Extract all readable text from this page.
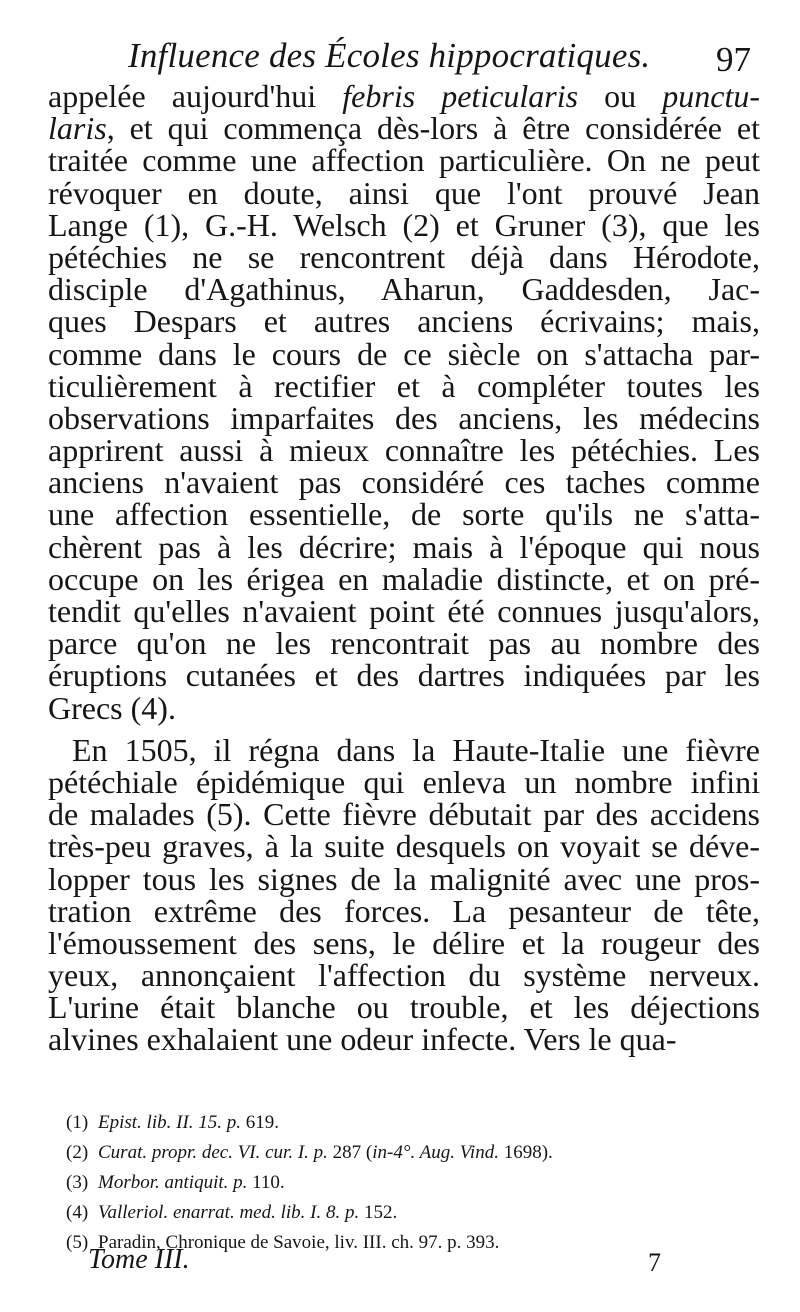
Influence des Écoles hippocratiques. 97
appelée aujourd'hui febris peticularis ou punctu-
laris, et qui commença dès-lors à être considérée et
traitée comme une affection particulière. On ne peut
révoquer en doute, ainsi que l'ont prouvé Jean
Lange (1), G.-H. Welsch (2) et Gruner (3), que les
pétéchies ne se rencontrent déjà dans Hérodote,
disciple d'Agathinus, Aharun, Gaddesden, Jac-
ques Despars et autres anciens écrivains; mais,
comme dans le cours de ce siècle on s'attacha par-
ticulièrement à rectifier et à compléter toutes les
observations imparfaites des anciens, les médecins
apprirent aussi à mieux connaître les pétéchies. Les
anciens n'avaient pas considéré ces taches comme
une affection essentielle, de sorte qu'ils ne s'atta-
chèrent pas à les décrire; mais à l'époque qui nous
occupe on les érigea en maladie distincte, et on pré-
tendit qu'elles n'avaient point été connues jusqu'alors,
parce qu'on ne les rencontrait pas au nombre des
éruptions cutanées et des dartres indiquées par les
Grecs (4).
En 1505, il régna dans la Haute-Italie une fièvre
pétéchiale épidémique qui enleva un nombre infini
de malades (5). Cette fièvre débutait par des accidens
très-peu graves, à la suite desquels on voyait se déve-
lopper tous les signes de la malignité avec une pros-
tration extrême des forces. La pesanteur de tête,
l'émoussement des sens, le délire et la rougeur des
yeux, annonçaient l'affection du système nerveux.
L'urine était blanche ou trouble, et les déjections
alvines exhalaient une odeur infecte. Vers le qua-
(1) Epist. lib. II. 15. p. 619.
(2) Curat. propr. dec. VI. cur. I. p. 287 (in-4°. Aug. Vind. 1698).
(3) Morbor. antiquit. p. 110.
(4) Valleriol. enarrat. med. lib. I. 8. p. 152.
(5) Paradin, Chronique de Savoie, liv. III. ch. 97. p. 393.
Tome III.	7
